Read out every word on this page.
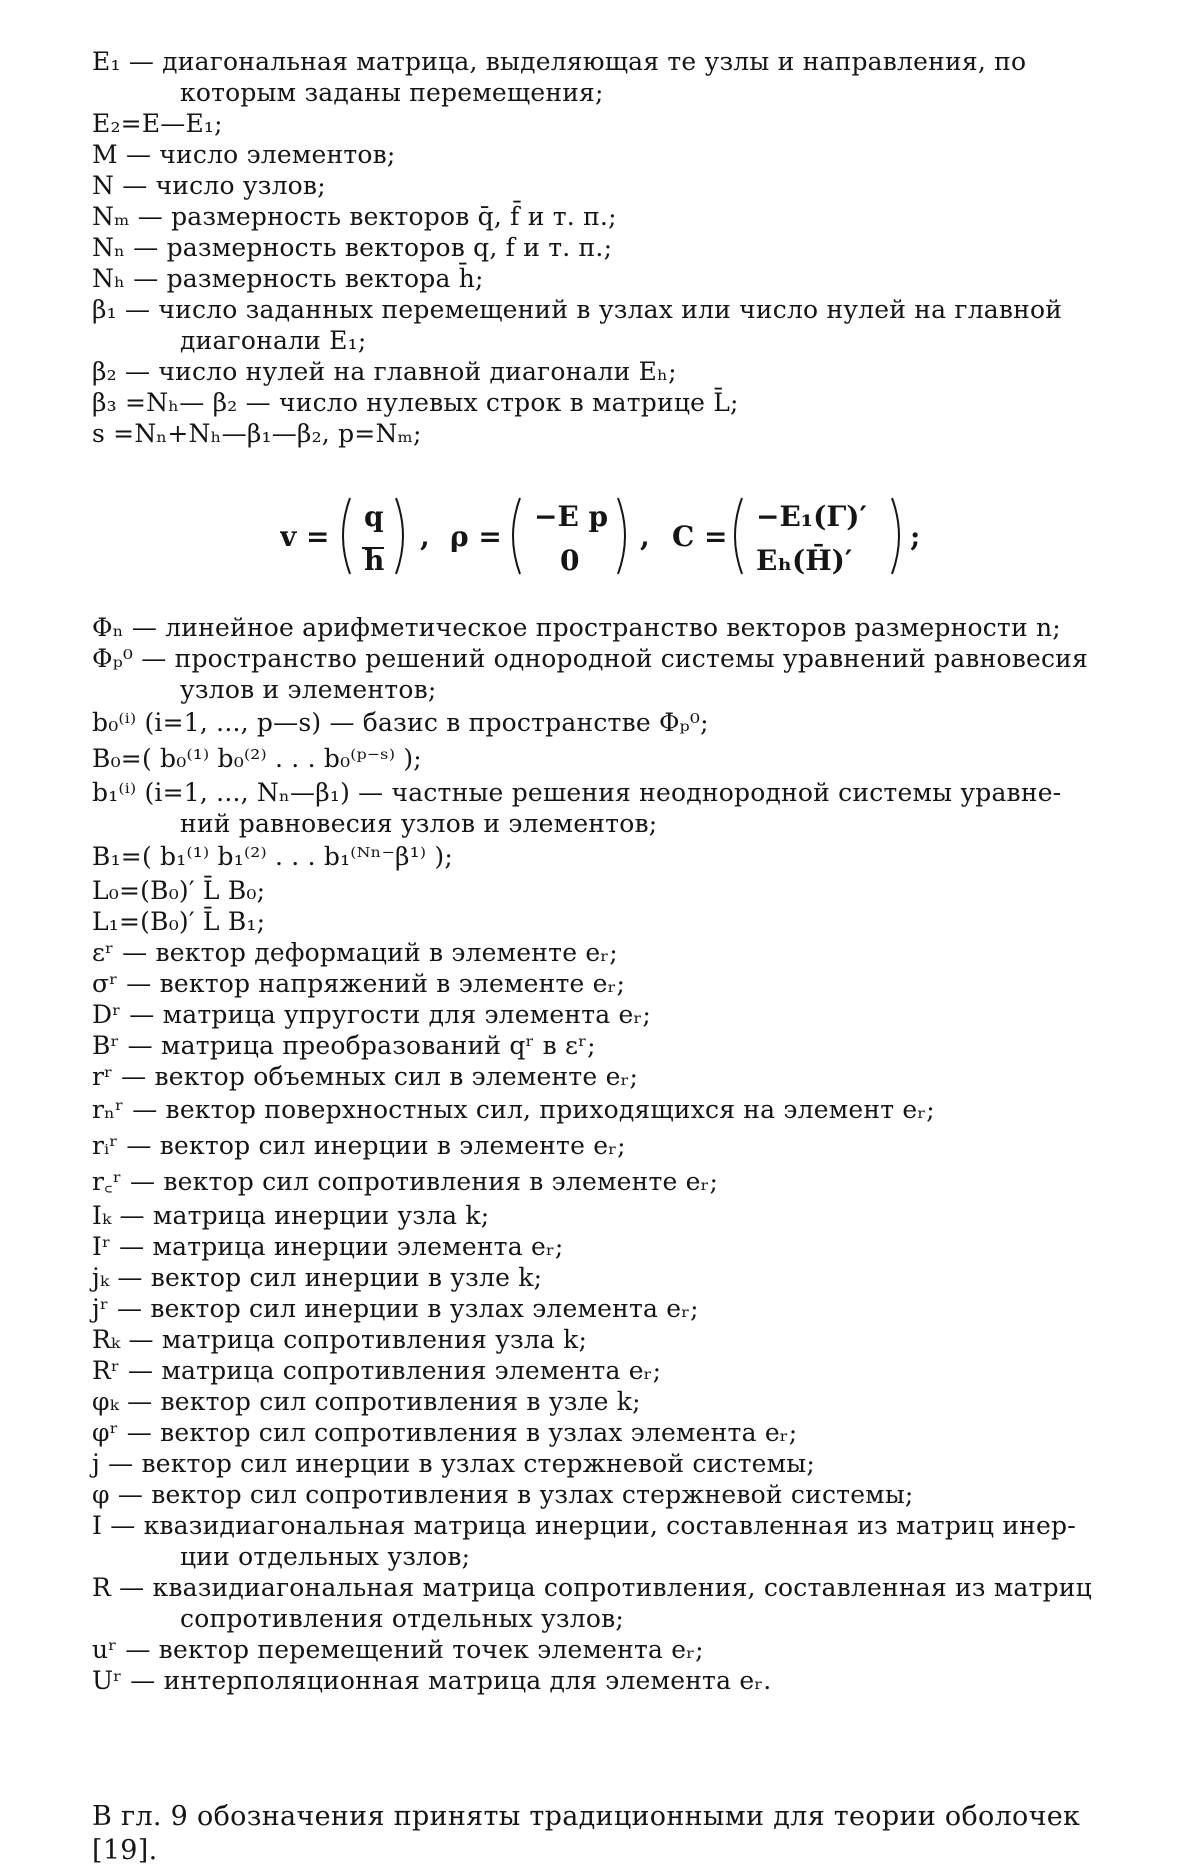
E₁ — диагональная матрица, выделяющая те узлы и направления, по
которым заданы перемещения;

E₂=E—E₁;

M — число элементов;

N — число узлов;

Nₘ — размерность векторов q̄, f̄ и т. п.;

Nₙ — размерность векторов q, f и т. п.;

Nₕ — размерность вектора h̄;

β₁ — число заданных перемещений в узлах или число нулей на главной
диагонали E₁;

β₂ — число нулей на главной диагонали Eₕ;

β₃ =Nₕ— β₂ — число нулевых строк в матрице L̄;

s =Nₙ+Nₕ—β₁—β₂, p=Nₘ;

v =
q
h
, ρ =
−E p
0
, C =
−E₁(Γ)′
Eₕ(H̄)′
;

Φₙ — линейное арифметическое пространство векторов размерности n;

Φₚ⁰ — пространство решений однородной системы уравнений равновесия
узлов и элементов;

b₀⁽ⁱ⁾ (i=1, ..., p—s) — базис в пространстве Φₚ⁰;

B₀=( b₀⁽¹⁾ b₀⁽²⁾ . . . b₀⁽ᵖ⁻ˢ⁾ );

b₁⁽ⁱ⁾ (i=1, ..., Nₙ—β₁) — частные решения неоднородной системы уравне-
ний равновесия узлов и элементов;

B₁=( b₁⁽¹⁾ b₁⁽²⁾ . . . b₁⁽ᴺⁿ⁻β¹⁾ );

L₀=(B₀)′ L̄ B₀;

L₁=(B₀)′ L̄ B₁;

εʳ — вектор деформаций в элементе eᵣ;

σʳ — вектор напряжений в элементе eᵣ;

Dʳ — матрица упругости для элемента eᵣ;

Bʳ — матрица преобразований qʳ в εʳ;

rʳ — вектор объемных сил в элементе eᵣ;

rₙʳ — вектор поверхностных сил, приходящихся на элемент eᵣ;

rᵢʳ — вектор сил инерции в элементе eᵣ;

r꜀ʳ — вектор сил сопротивления в элементе eᵣ;

Iₖ — матрица инерции узла k;

Iʳ — матрица инерции элемента eᵣ;

jₖ — вектор сил инерции в узле k;

jʳ — вектор сил инерции в узлах элемента eᵣ;

Rₖ — матрица сопротивления узла k;

Rʳ — матрица сопротивления элемента eᵣ;

φₖ — вектор сил сопротивления в узле k;

φʳ — вектор сил сопротивления в узлах элемента eᵣ;

j — вектор сил инерции в узлах стержневой системы;

φ — вектор сил сопротивления в узлах стержневой системы;

I — квазидиагональная матрица инерции, составленная из матриц инер-
ции отдельных узлов;

R — квазидиагональная матрица сопротивления, составленная из матриц
сопротивления отдельных узлов;

uʳ — вектор перемещений точек элемента eᵣ;

Uʳ — интерполяционная матрица для элемента eᵣ.

В гл. 9 обозначения приняты традиционными для теории оболочек [19].
